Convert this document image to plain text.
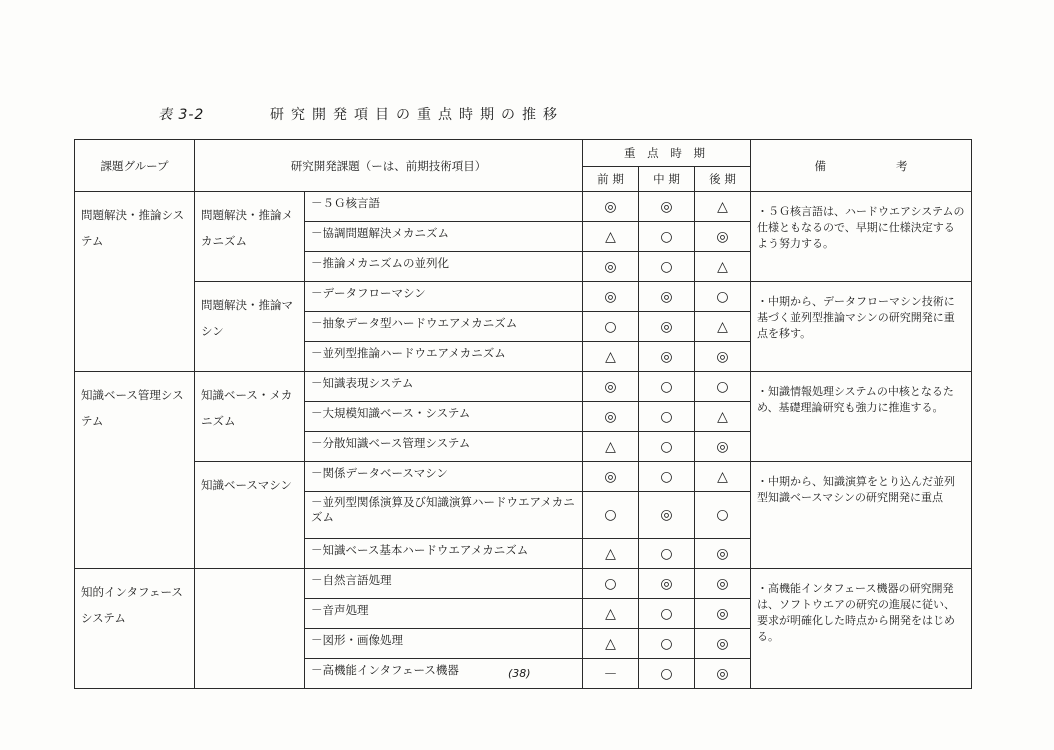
表 3-2	研究開発項目の重点時期の推移
課題グループ	研究開発課題（ーは、前期技術項目）		重 点 時 期			備 考
			前 期	中 期	後 期	
問題解決・推論システム	問題解決・推論メカニズム	－５Ｇ核言語	◎	◎	△	・５Ｇ核言語は、ハードウエアシステムの仕様ともなるので、早期に仕様決定するよう努力する。
		－協調問題解決メカニズム	△	○	◎	
		－推論メカニズムの並列化	◎	○	△	
	問題解決・推論マシン	－データフローマシン	◎	◎	○	・中期から、データフローマシン技術に基づく並列型推論マシンの研究開発に重点を移す。
		－抽象データ型ハードウエアメカニズム	○	◎	△	
		－並列型推論ハードウエアメカニズム	△	◎	◎	
知識ベース管理システム	知識ベース・メカニズム	－知識表現システム	◎	○	○	・知識情報処理システムの中核となるため、基礎理論研究も強力に推進する。
		－大規模知識ベース・システム	◎	○	△	
		－分散知識ベース管理システム	△	○	◎	
	知識ベースマシン	－関係データベースマシン	◎	○	△	・中期から、知識演算をとり込んだ並列型知識ベースマシンの研究開発に重点
		－並列型関係演算及び知識演算ハードウエアメカニズム	○	◎	○	
		－知識ベース基本ハードウエアメカニズム	△	○	◎	
知的インタフェースシステム		－自然言語処理	○	◎	◎	・高機能インタフェース機器の研究開発は、ソフトウエアの研究の進展に従い、要求が明確化した時点から開発をはじめる。
		－音声処理	△	○	◎	
		－図形・画像処理	△	○	◎	
		－高機能インタフェース機器	－	○	◎	
(38)
